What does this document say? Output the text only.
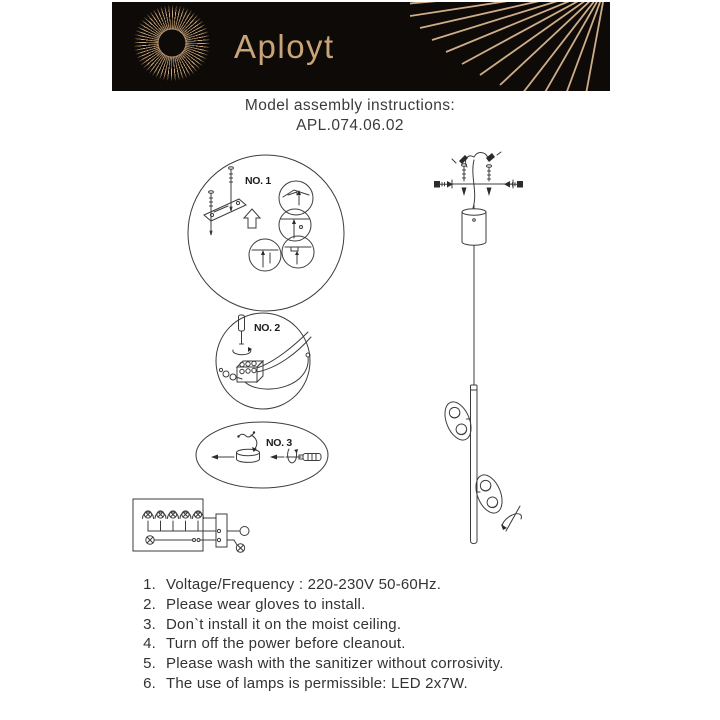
Aployt
Model assembly instructions:
APL.074.06.02
NO. 1
NO. 2
NO. 3
1. Voltage/Frequency : 220-230V 50-60Hz.
2. Please wear gloves to install.
3. Don`t install it on the moist ceiling.
4. Turn off the power before cleanout.
5. Please wash with the sanitizer without corrosivity.
6. The use of lamps is permissible: LED 2x7W.
